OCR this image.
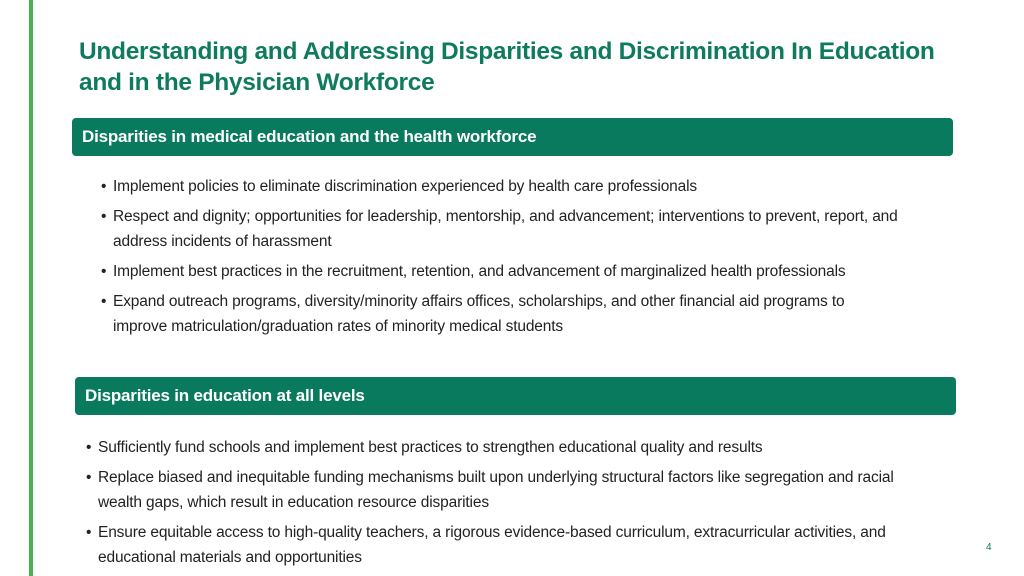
Understanding and Addressing Disparities and Discrimination In Education and in the Physician Workforce
Disparities in medical education and the health workforce
• Implement policies to eliminate discrimination experienced by health care professionals
• Respect and dignity; opportunities for leadership, mentorship, and advancement; interventions to prevent, report, and address incidents of harassment
• Implement best practices in the recruitment, retention, and advancement of marginalized health professionals
• Expand outreach programs, diversity/minority affairs offices, scholarships, and other financial aid programs to improve matriculation/graduation rates of minority medical students
Disparities in education at all levels
• Sufficiently fund schools and implement best practices to strengthen educational quality and results
• Replace biased and inequitable funding mechanisms built upon underlying structural factors like segregation and racial wealth gaps, which result in education resource disparities
• Ensure equitable access to high-quality teachers, a rigorous evidence-based curriculum, extracurricular activities, and educational materials and opportunities
4
